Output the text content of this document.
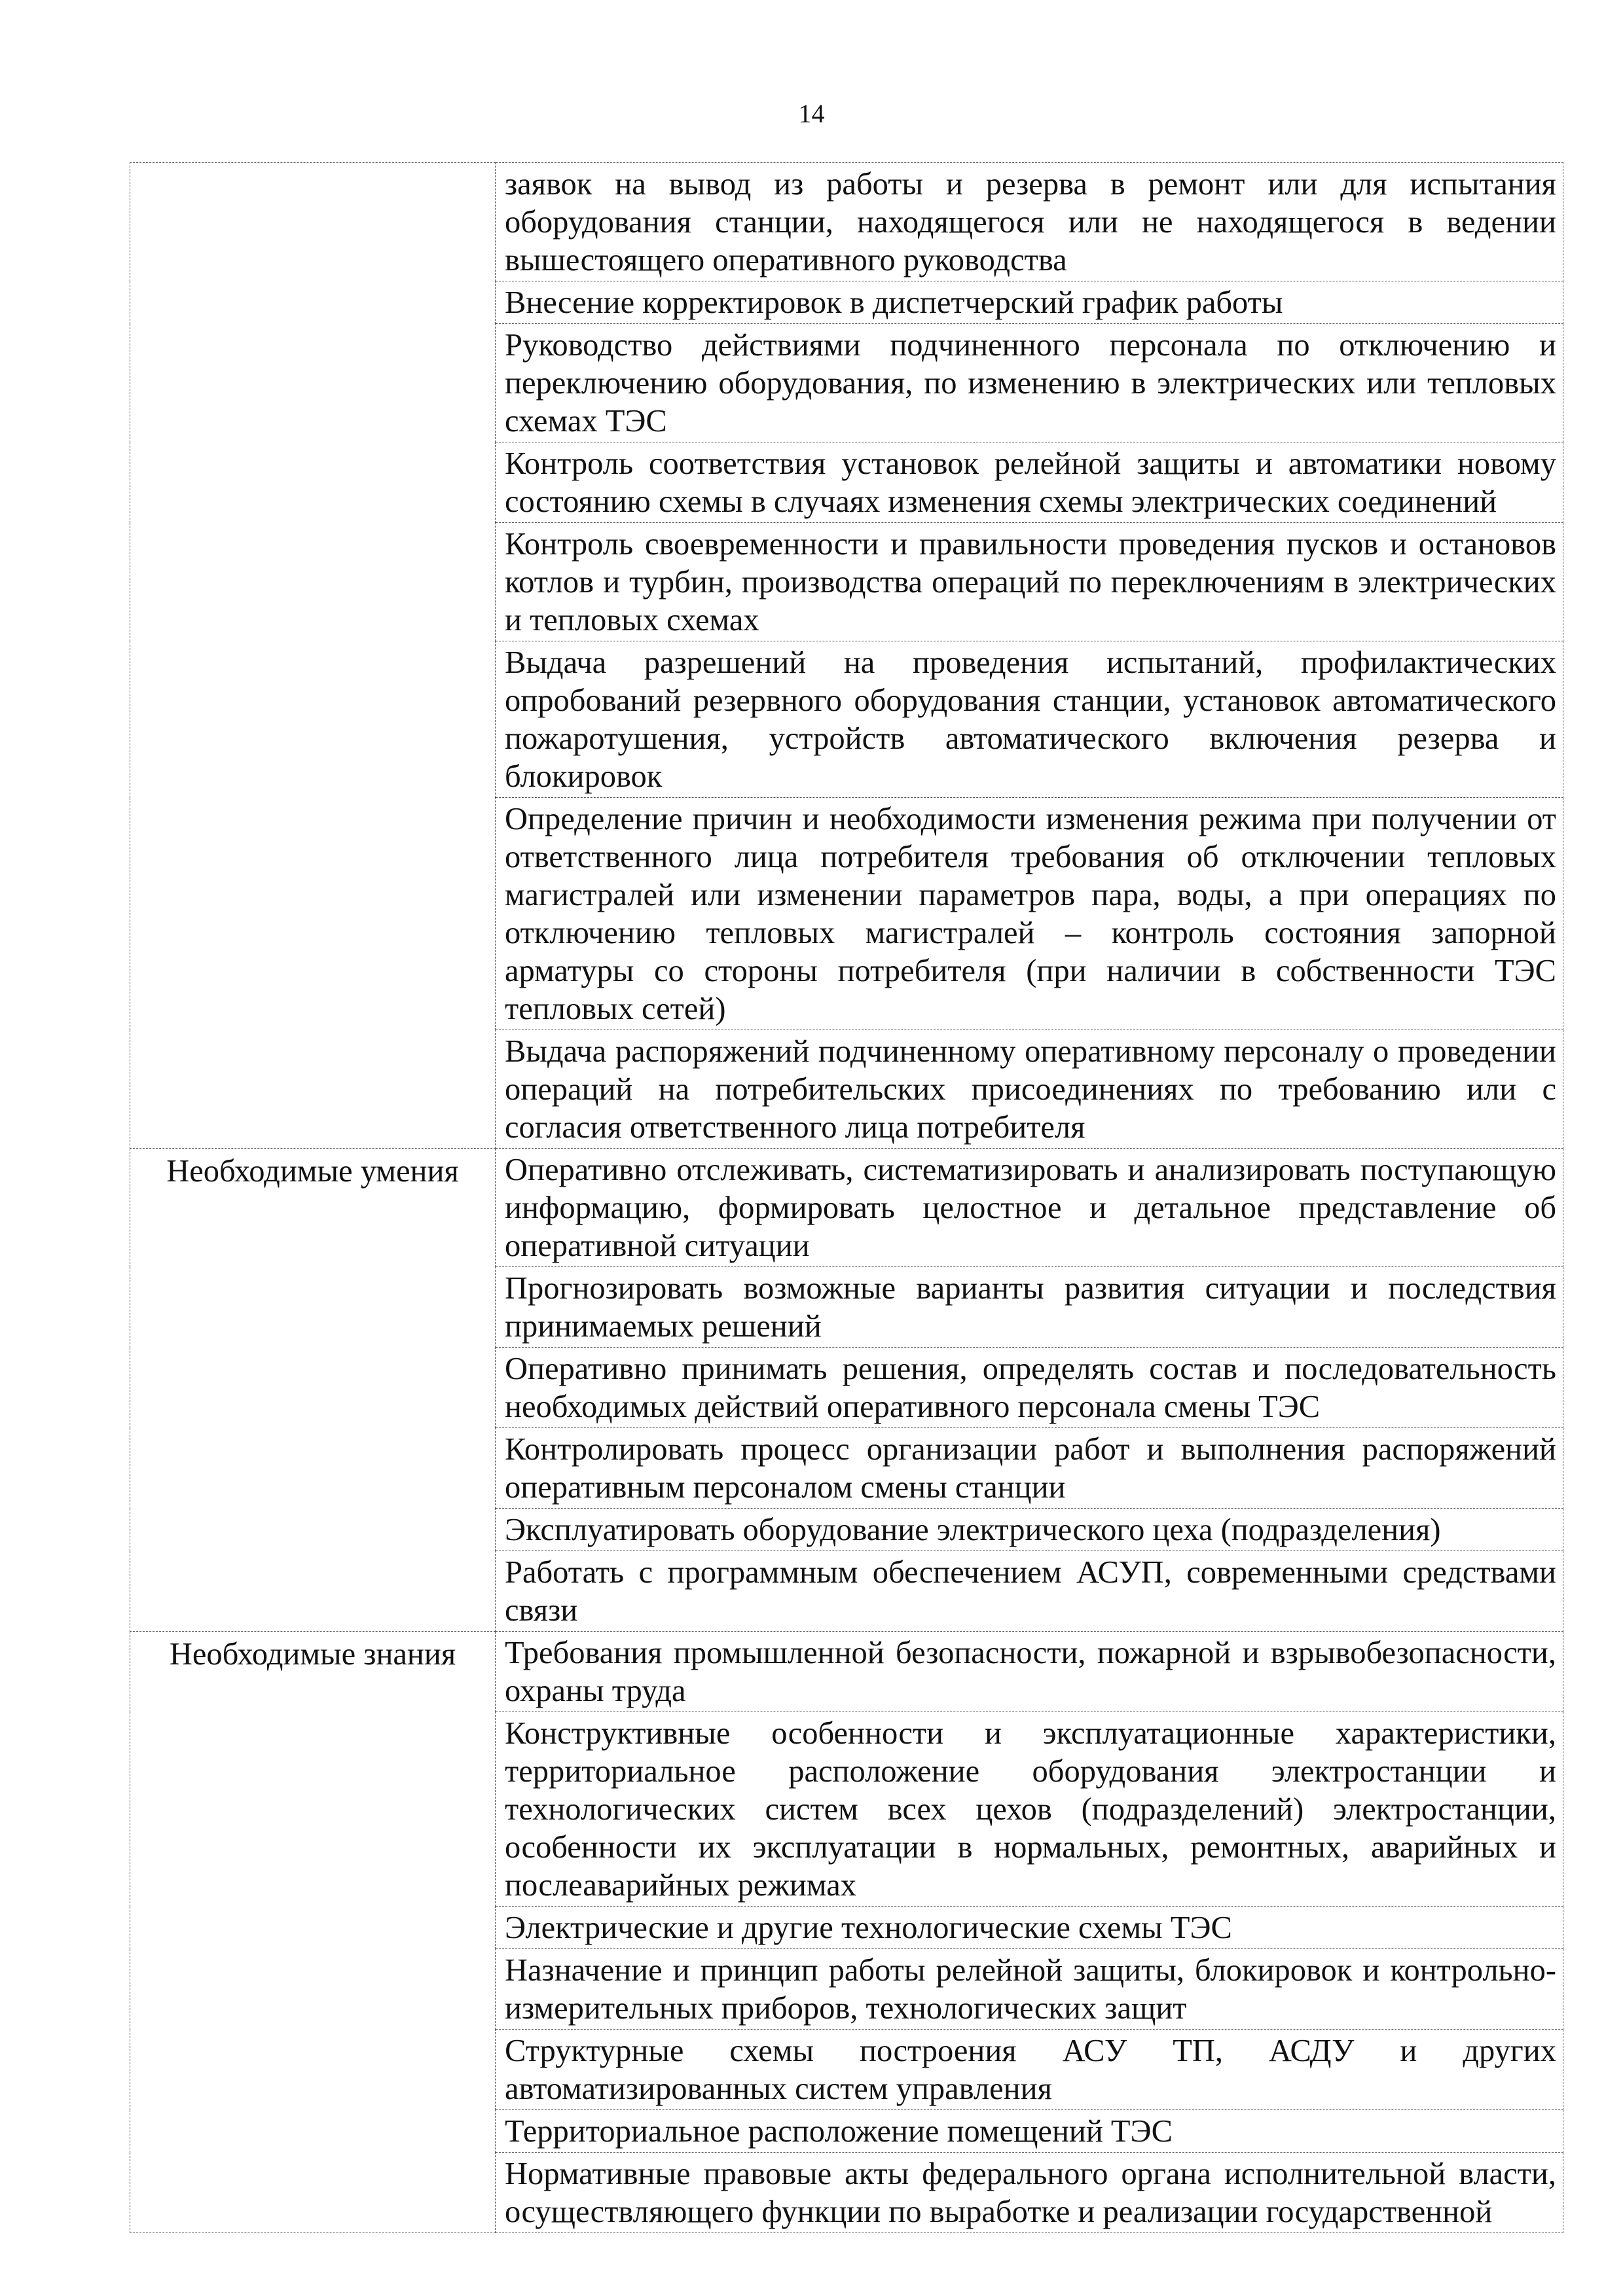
14
	заявок на вывод из работы и резерва в ремонт или для испытания оборудования станции, находящегося или не находящегося в ведении вышестоящего оперативного руководства
	Внесение корректировок в диспетчерский график работы
	Руководство действиями подчиненного персонала по отключению и переключению оборудования, по изменению в электрических или тепловых схемах ТЭС
	Контроль соответствия установок релейной защиты и автоматики новому состоянию схемы в случаях изменения схемы электрических соединений
	Контроль своевременности и правильности проведения пусков и остановов котлов и турбин, производства операций по переключениям в электрических и тепловых схемах
	Выдача разрешений на проведения испытаний, профилактических опробований резервного оборудования станции, установок автоматического пожаротушения, устройств автоматического включения резерва и блокировок
	Определение причин и необходимости изменения режима при получении от ответственного лица потребителя требования об отключении тепловых магистралей или изменении параметров пара, воды, а при операциях по отключению тепловых магистралей – контроль состояния запорной арматуры со стороны потребителя (при наличии в собственности ТЭС тепловых сетей)
	Выдача распоряжений подчиненному оперативному персоналу о проведении операций на потребительских присоединениях по требованию или с согласия ответственного лица потребителя
Необходимые умения	Оперативно отслеживать, систематизировать и анализировать поступающую информацию, формировать целостное и детальное представление об оперативной ситуации
	Прогнозировать возможные варианты развития ситуации и последствия принимаемых решений
	Оперативно принимать решения, определять состав и последовательность необходимых действий оперативного персонала смены ТЭС
	Контролировать процесс организации работ и выполнения распоряжений оперативным персоналом смены станции
	Эксплуатировать оборудование электрического цеха (подразделения)
	Работать с программным обеспечением АСУП, современными средствами связи
Необходимые знания	Требования промышленной безопасности, пожарной и взрывобезопасности, охраны труда
	Конструктивные особенности и эксплуатационные характеристики, территориальное расположение оборудования электростанции и технологических систем всех цехов (подразделений) электростанции, особенности их эксплуатации в нормальных, ремонтных, аварийных и послеаварийных режимах
	Электрические и другие технологические схемы ТЭС
	Назначение и принцип работы релейной защиты, блокировок и контрольно-измерительных приборов, технологических защит
	Структурные схемы построения АСУ ТП, АСДУ и других автоматизированных систем управления
	Территориальное расположение помещений ТЭС
	Нормативные правовые акты федерального органа исполнительной власти, осуществляющего функции по выработке и реализации государственной
